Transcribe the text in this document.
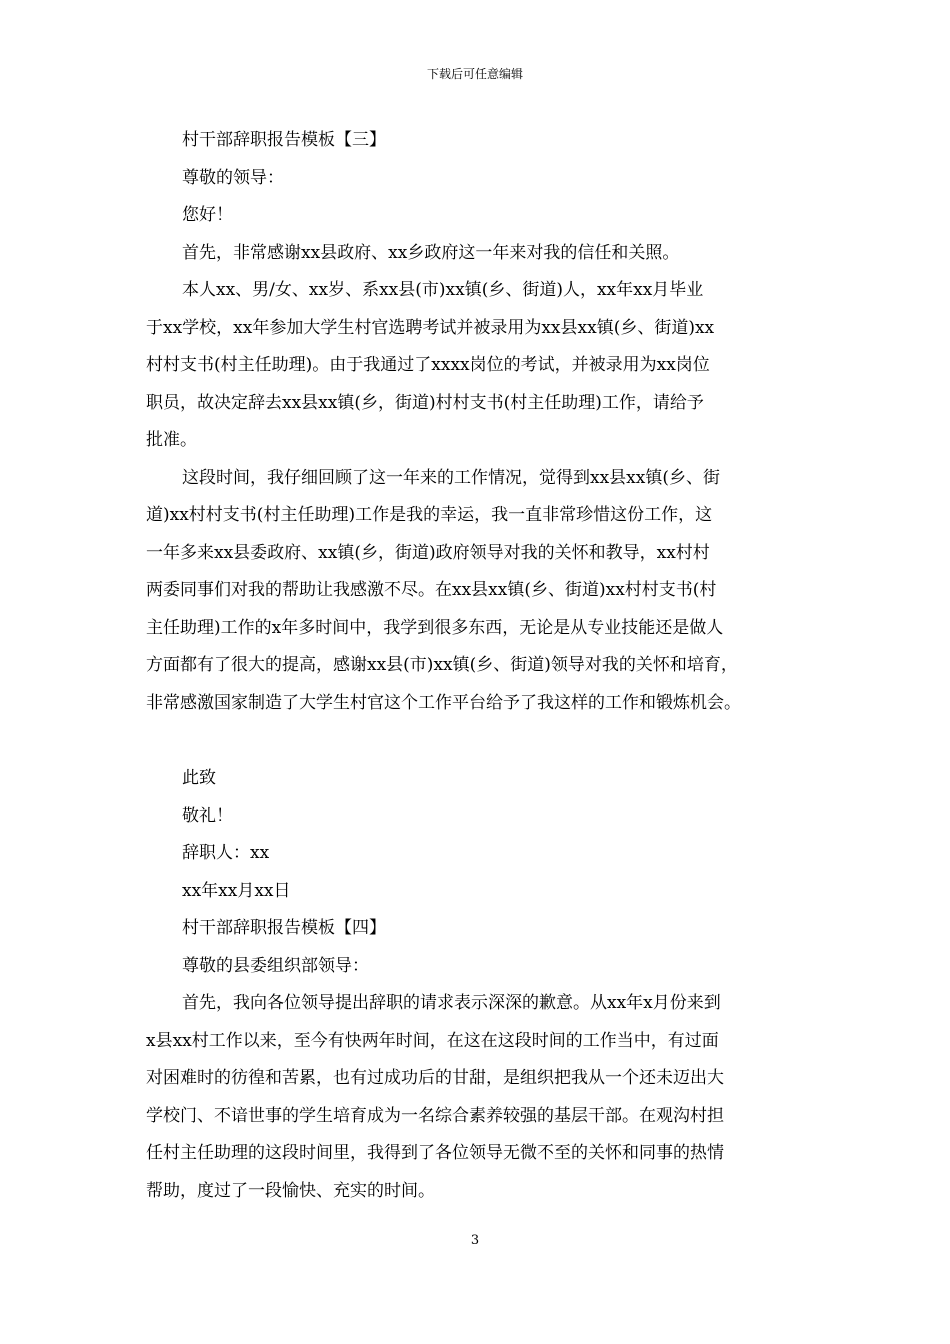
下载后可任意编辑
村干部辞职报告模板【三】
尊敬的领导：
您好！
首先，非常感谢xx县政府、xx乡政府这一年来对我的信任和关照。
本人xx、男/女、xx岁、系xx县(市)xx镇(乡、街道)人，xx年xx月毕业
于xx学校，xx年参加大学生村官选聘考试并被录用为xx县xx镇(乡、街道)xx
村村支书(村主任助理)。由于我通过了xxxx岗位的考试，并被录用为xx岗位
职员，故决定辞去xx县xx镇(乡，街道)村村支书(村主任助理)工作，请给予
批准。
这段时间，我仔细回顾了这一年来的工作情况，觉得到xx县xx镇(乡、街
道)xx村村支书(村主任助理)工作是我的幸运，我一直非常珍惜这份工作，这
一年多来xx县委政府、xx镇(乡，街道)政府领导对我的关怀和教导，xx村村
两委同事们对我的帮助让我感激不尽。在xx县xx镇(乡、街道)xx村村支书(村
主任助理)工作的x年多时间中，我学到很多东西，无论是从专业技能还是做人
方面都有了很大的提高，感谢xx县(市)xx镇(乡、街道)领导对我的关怀和培育，
非常感激国家制造了大学生村官这个工作平台给予了我这样的工作和锻炼机会。
此致
敬礼！
辞职人：xx
xx年xx月xx日
村干部辞职报告模板【四】
尊敬的县委组织部领导：
首先，我向各位领导提出辞职的请求表示深深的歉意。从xx年x月份来到
x县xx村工作以来，至今有快两年时间，在这在这段时间的工作当中，有过面
对困难时的彷徨和苦累，也有过成功后的甘甜，是组织把我从一个还未迈出大
学校门、不谙世事的学生培育成为一名综合素养较强的基层干部。在观沟村担
任村主任助理的这段时间里，我得到了各位领导无微不至的关怀和同事的热情
帮助，度过了一段愉快、充实的时间。
3
